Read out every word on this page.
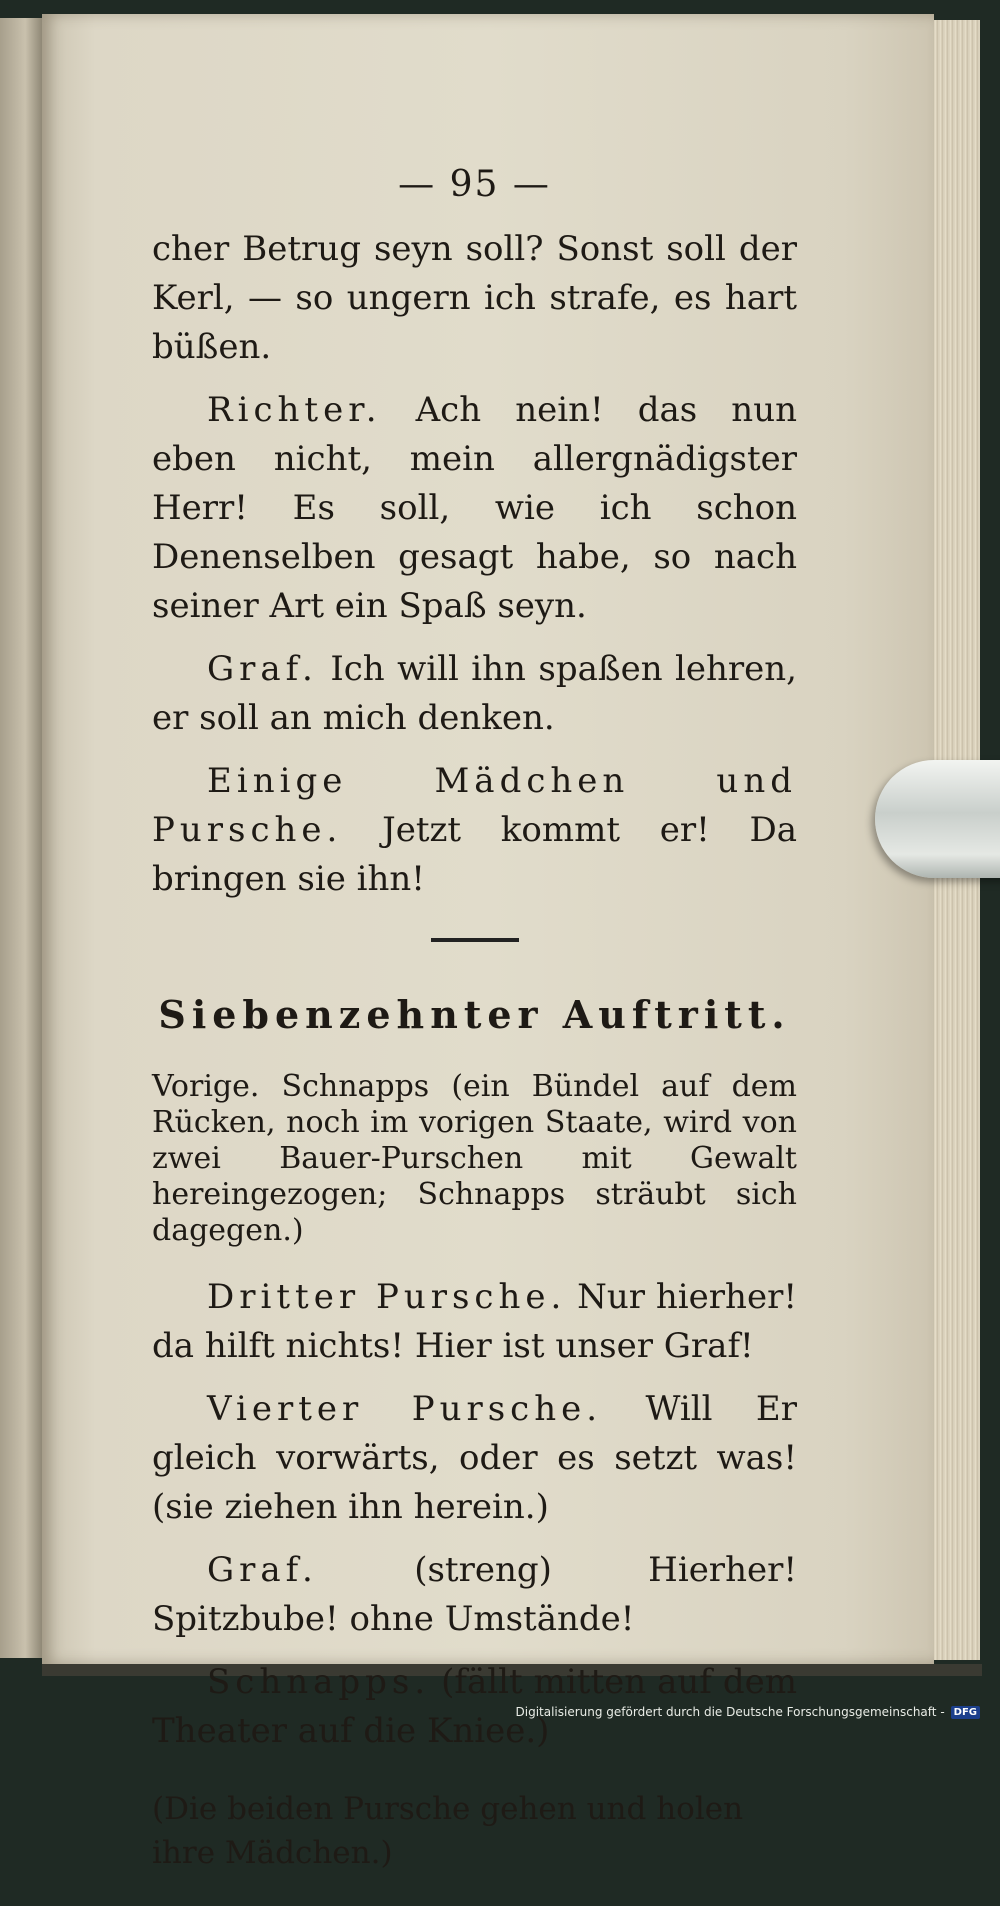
— 95 —

cher Betrug seyn soll? Sonst soll der Kerl, — so ungern ich strafe, es hart büßen.

Richter. Ach nein! das nun eben nicht, mein allergnädigster Herr! Es soll, wie ich schon Denenselben gesagt habe, so nach seiner Art ein Spaß seyn.

Graf. Ich will ihn spaßen lehren, er soll an mich denken.

Einige Mädchen und Pursche. Jetzt kommt er! Da bringen sie ihn!

Siebenzehnter Auftritt.

Vorige. Schnapps (ein Bündel auf dem Rücken, noch im vorigen Staate, wird von zwei Bauer-Purschen mit Gewalt hereingezogen; Schnapps sträubt sich dagegen.)

Dritter Pursche. Nur hierher! da hilft nichts! Hier ist unser Graf!

Vierter Pursche. Will Er gleich vorwärts, oder es setzt was! (sie ziehen ihn herein.)

Graf.	(streng) Hierher! Spitzbube! ohne Umstände!

Schnapps. (fällt mitten auf dem Theater auf die Kniee.)

(Die beiden Pursche gehen und holen ihre Mädchen.)

Digitalisierung gefördert durch die Deutsche Forschungsgemeinschaft - DFG
